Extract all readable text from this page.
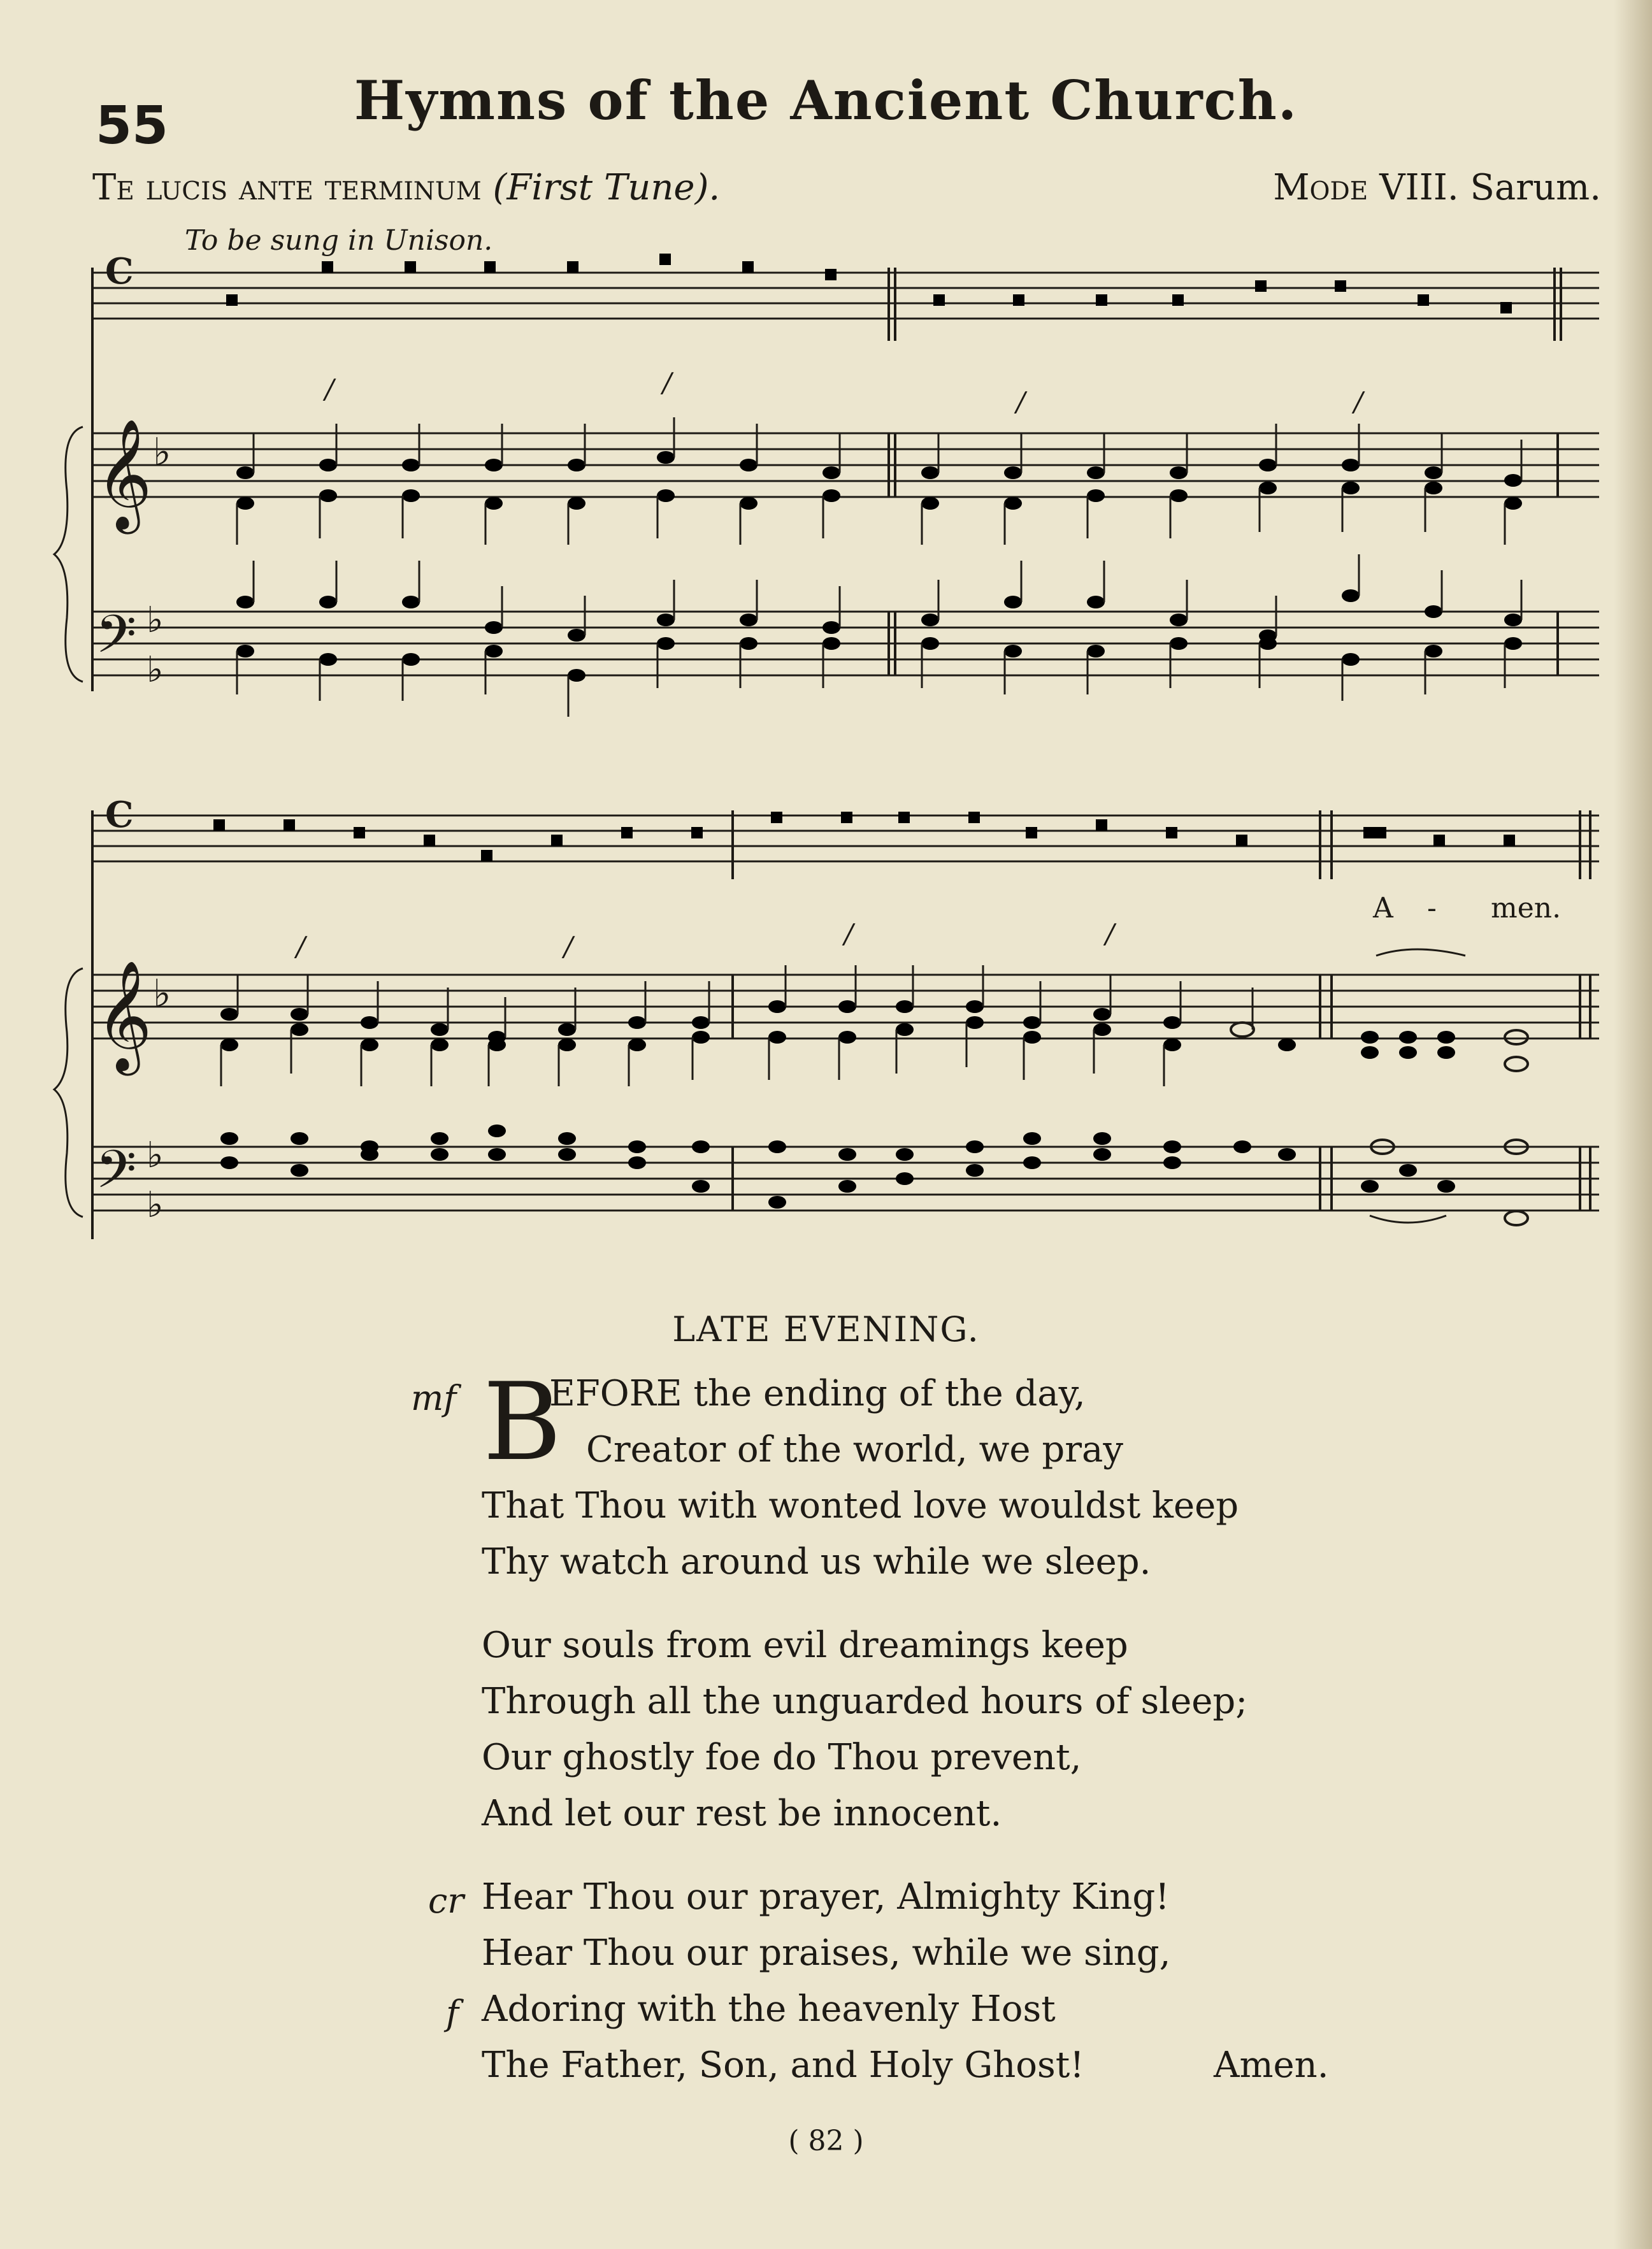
55	Hymns of the Ancient Church.
Te lucis ante terminum (First Tune).	Mode VIII. Sarum.
To be sung in Unison.
C
𝄞 ♭
𝄢 ♭
♭
/	/
/	/
C
A - men.
𝄞 ♭
𝄢 ♭
♭
/	/	/	/
LATE EVENING.
mf B
EFORE the ending of the day,
Creator of the world, we pray
That Thou with wonted love wouldst keep
Thy watch around us while we sleep.
Our souls from evil dreamings keep
Through all the unguarded hours of sleep;
Our ghostly foe do Thou prevent,
And let our rest be innocent.
cr Hear Thou our prayer, Almighty King!
Hear Thou our praises, while we sing,
f Adoring with the heavenly Host
The Father, Son, and Holy Ghost!	Amen.
( 82 )
